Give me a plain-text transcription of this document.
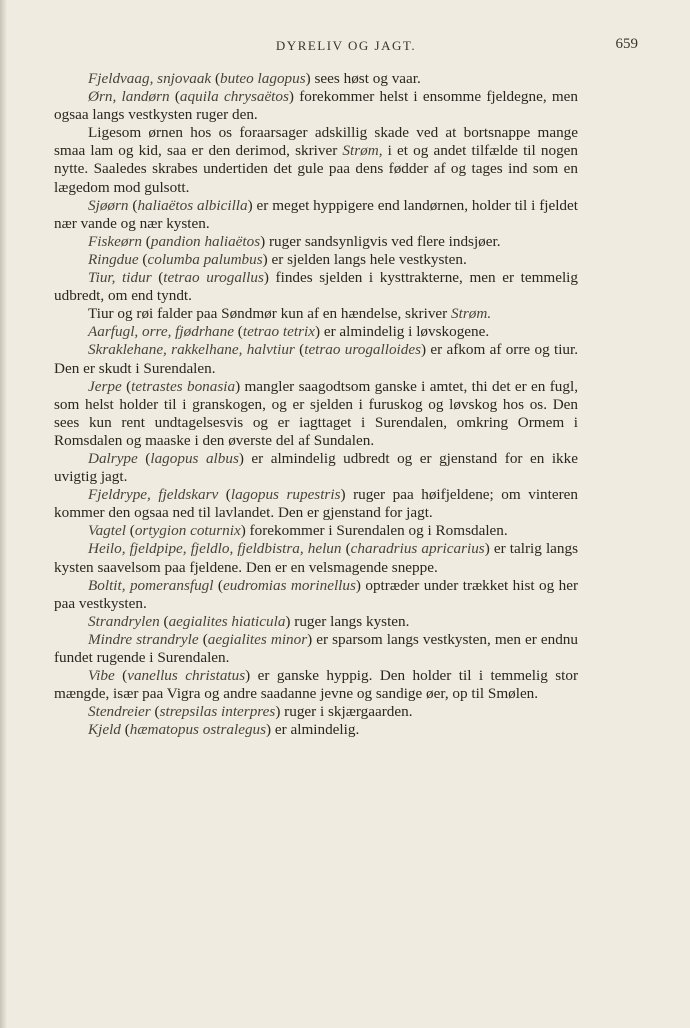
DYRELIV OG JAGT.	659

Fjeldvaag, snjovaak (buteo lagopus) sees høst og vaar.

Ørn, landørn (aquila chrysaëtos) forekommer helst i ensomme fjeldegne, men ogsaa langs vestkysten ruger den.

Ligesom ørnen hos os foraarsager adskillig skade ved at bortsnappe mange smaa lam og kid, saa er den derimod, skriver Strøm, i et og andet tilfælde til nogen nytte. Saaledes skrabes undertiden det gule paa dens fødder af og tages ind som en lægedom mod gulsott.

Sjøørn (haliaëtos albicilla) er meget hyppigere end landørnen, holder til i fjeldet nær vande og nær kysten.

Fiskeørn (pandion haliaëtos) ruger sandsynligvis ved flere indsjøer.

Ringdue (columba palumbus) er sjelden langs hele vestkysten.

Tiur, tidur (tetrao urogallus) findes sjelden i kysttrakterne, men er temmelig udbredt, om end tyndt.

Tiur og røi falder paa Søndmør kun af en hændelse, skriver Strøm.

Aarfugl, orre, fjødrhane (tetrao tetrix) er almindelig i løvskogene.

Skraklehane, rakkelhane, halvtiur (tetrao urogalloides) er afkom af orre og tiur. Den er skudt i Surendalen.

Jerpe (tetrastes bonasia) mangler saagodtsom ganske i amtet, thi det er en fugl, som helst holder til i granskogen, og er sjelden i furuskog og løvskog hos os. Den sees kun rent undtagelsesvis og er iagttaget i Surendalen, omkring Ormem i Romsdalen og maaske i den øverste del af Sundalen.

Dalrype (lagopus albus) er almindelig udbredt og er gjenstand for en ikke uvigtig jagt.

Fjeldrype, fjeldskarv (lagopus rupestris) ruger paa høifjeldene; om vinteren kommer den ogsaa ned til lavlandet. Den er gjenstand for jagt.

Vagtel (ortygion coturnix) forekommer i Surendalen og i Romsdalen.

Heilo, fjeldpipe, fjeldlo, fjeldbistra, helun (charadrius apricarius) er talrig langs kysten saavelsom paa fjeldene. Den er en velsmagende sneppe.

Boltit, pomeransfugl (eudromias morinellus) optræder under trækket hist og her paa vestkysten.

Strandrylen (aegialites hiaticula) ruger langs kysten.

Mindre strandryle (aegialites minor) er sparsom langs vestkysten, men er endnu fundet rugende i Surendalen.

Vibe (vanellus christatus) er ganske hyppig. Den holder til i temmelig stor mængde, især paa Vigra og andre saadanne jevne og sandige øer, op til Smølen.

Stendreier (strepsilas interpres) ruger i skjærgaarden.

Kjeld (hæmatopus ostralegus) er almindelig.
